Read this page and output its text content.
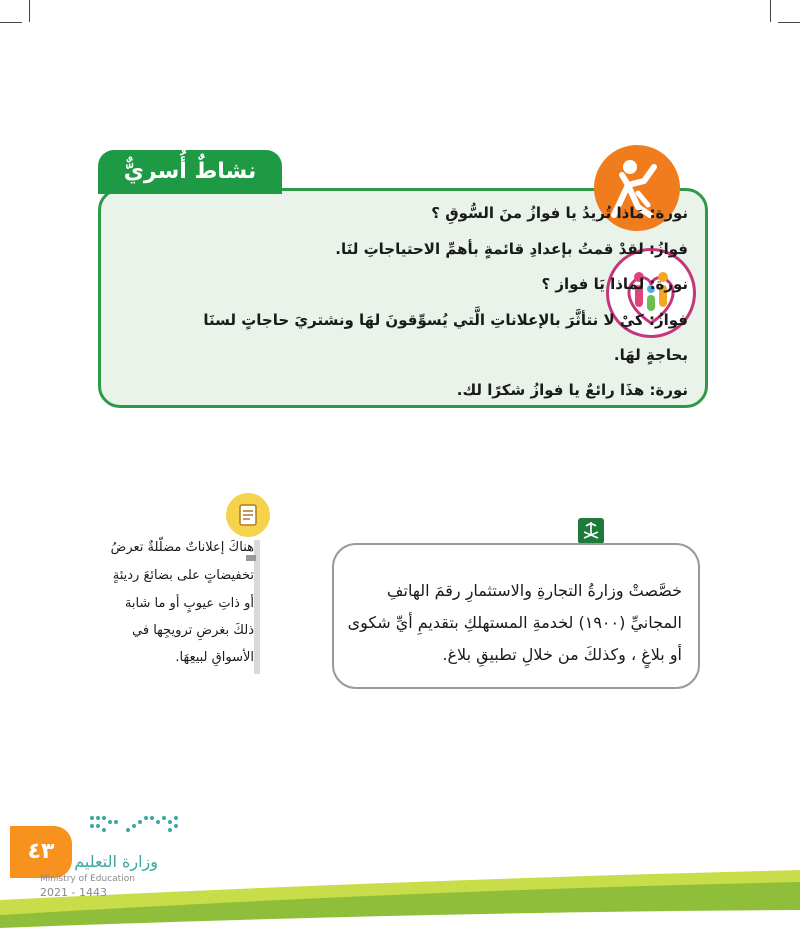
نشاطٌ أُسريٌّ
نورة: مَاذا تُريدُ يا فوازُ منَ السُّوقِ ؟
فوازُ: لقدْ قمتُ بإعدادِ قائمةٍ بأهمِّ الاحتياجاتِ لنَا.
نورة: لماذا يَا فواز ؟
فوازُ: كيْ لا نتأثَّرَ بالإعلاناتِ الَّتي يُسوِّقونَ لهَا ونشتريَ حاجاتٍ لسنَا
بحاجةٍ لهَا.
نورة: هذَا رائعٌ يا فوازُ شكرًا لك.
خصَّصتْ وزارةُ التجارةِ والاستثمارِ رقمَ الهاتفِ
المجانيِّ (١٩٠٠) لخدمةِ المستهلكِ بتقديمِ أيِّ شكوى
أو بلاغٍ ، وكذلكَ من خلالِ تطبيقِ بلاغ.
هناكَ إعلاناتٌ مضلّلةٌ تعرضُ
تخفيضاتٍ على بضائعَ رديئةٍ
أو ذاتِ عيوبٍ أو ما شابهَ
ذلكَ بغرضِ ترويجِها في
الأسواقِ لبيعِهَا.
٤٣	وزارة التعليم
Ministry of Education
2021 - 1443
